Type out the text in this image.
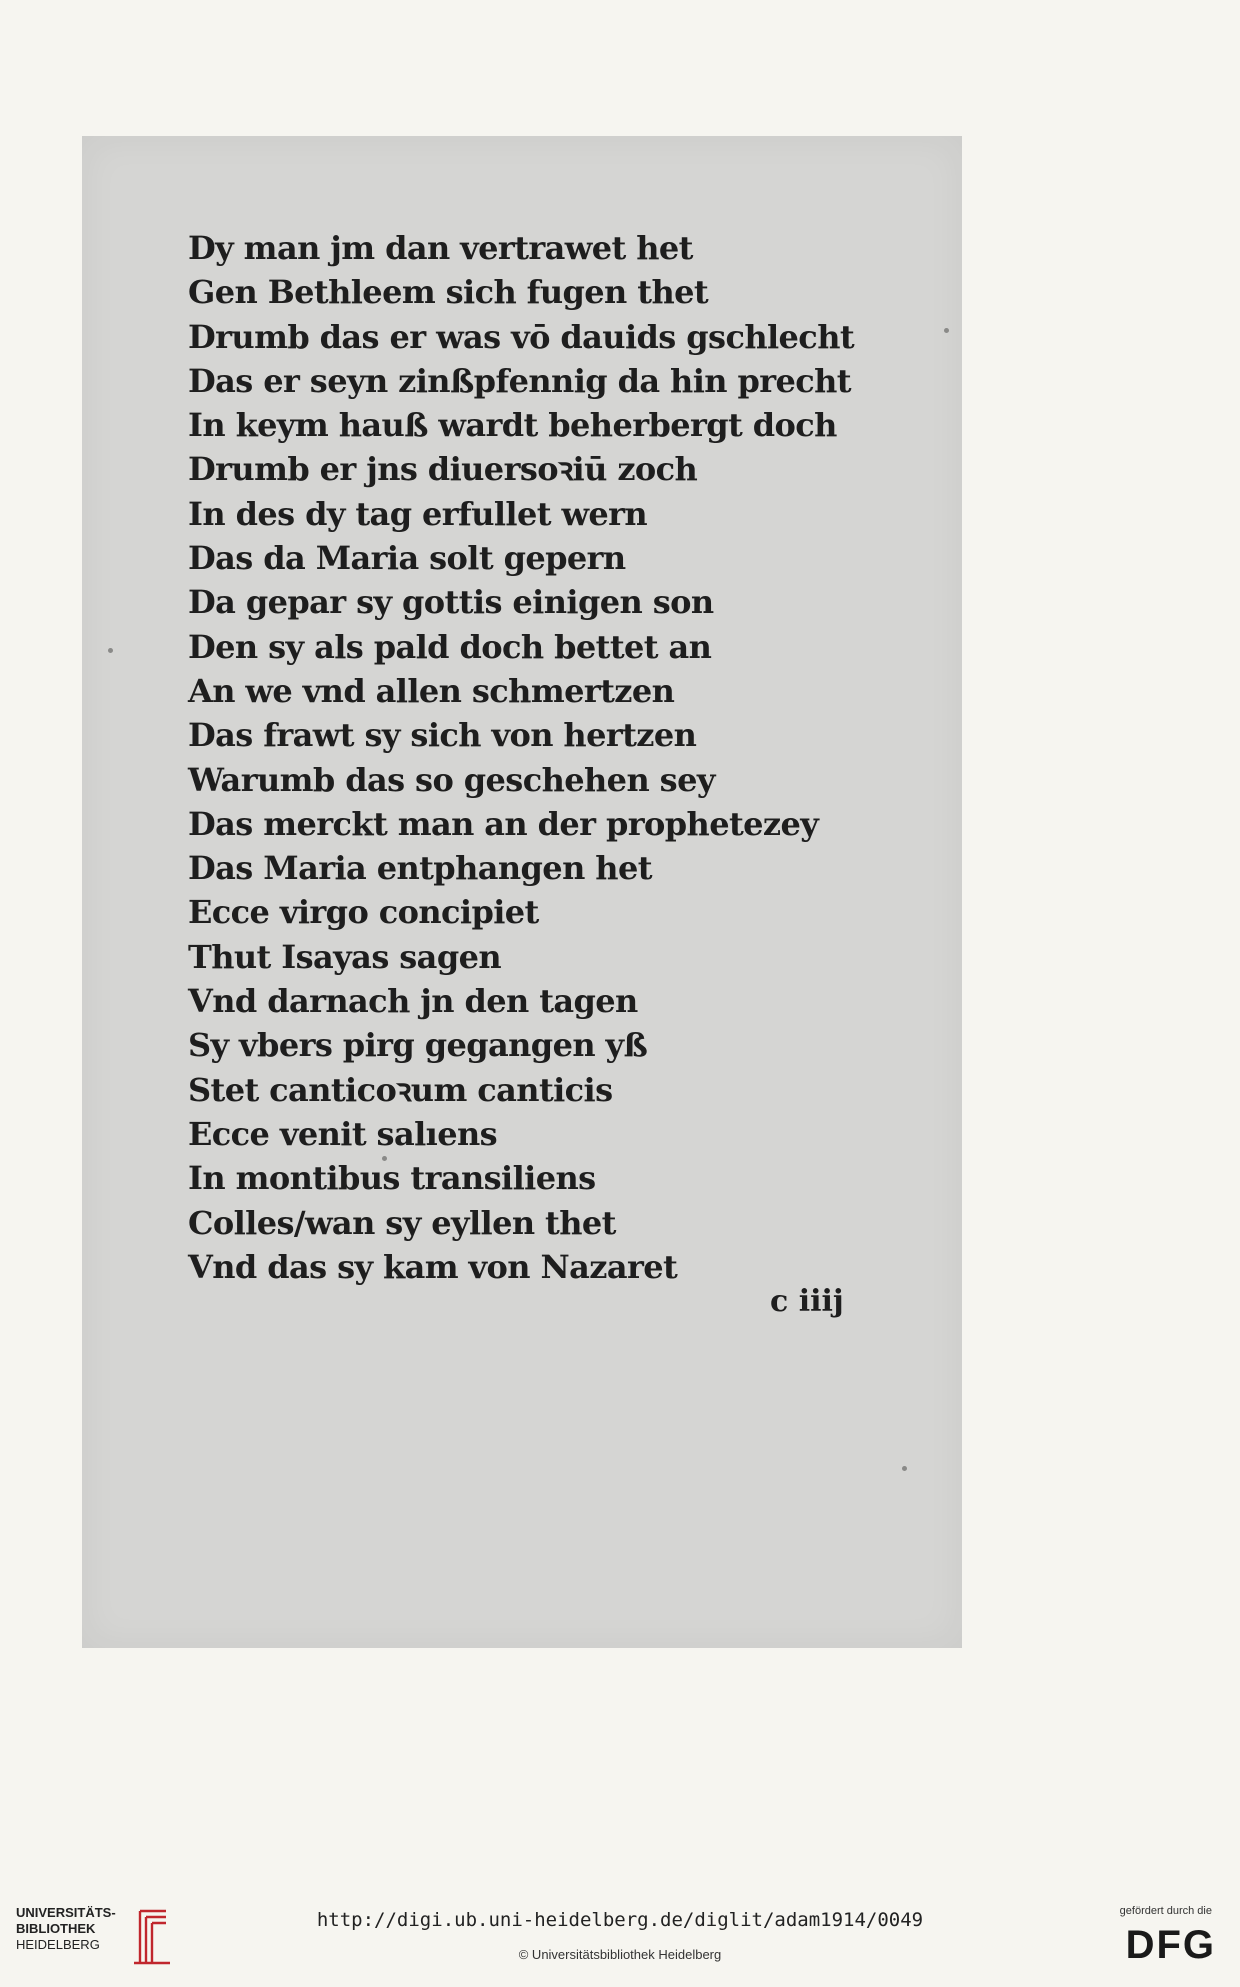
Dy man jm dan vertrawet het
Gen Bethleem sich fugen thet
Drumb das er was vō dauids gschlecht
Das er seyn zinßpfennig da hin precht
In keym hauß wardt beherbergt doch
Drumb er jns diuersoꝛiū zoch
In des dy tag erfullet wern
Das da Maria solt gepern
Da gepar sy gottis einigen son
Den sy als pald doch bettet an
An we vnd allen schmertzen
Das frawt sy sich von hertzen
Warumb das so geschehen sey
Das merckt man an der prophetezey
Das Maria entphangen het
Ecce virgo concipiet
Thut Isayas sagen
Vnd darnach jn den tagen
Sy vbers pirg gegangen yß
Stet canticoꝛum canticis
Ecce venit salıens
In montibus transiliens
Colles/wan sy eyllen thet
Vnd das sy kam von Nazaret
c iiij
UNIVERSITÄTS-
BIBLIOTHEK
HEIDELBERG
http://digi.ub.uni-heidelberg.de/diglit/adam1914/0049
© Universitätsbibliothek Heidelberg
gefördert durch die
DFG
